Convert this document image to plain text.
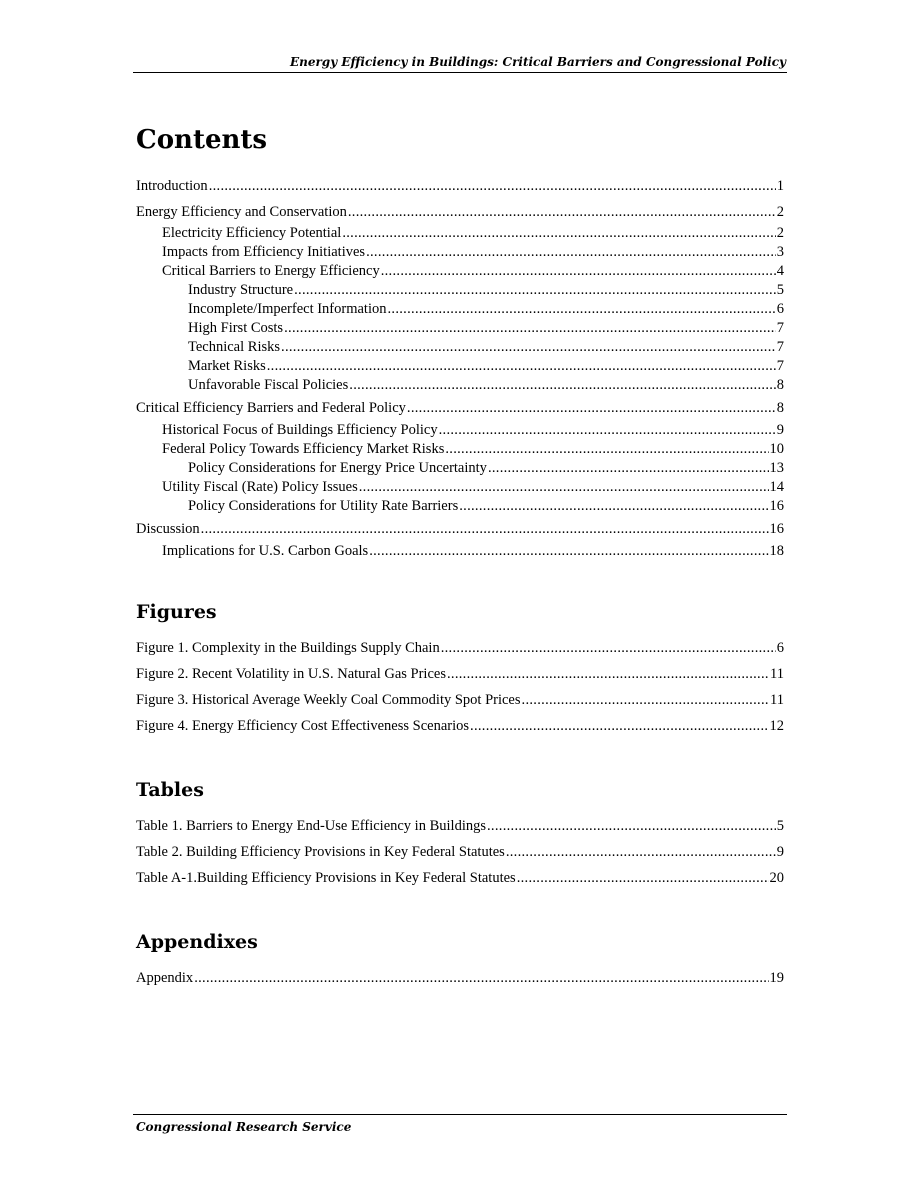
Energy Efficiency in Buildings: Critical Barriers and Congressional Policy
Contents
Introduction .....	1
Energy Efficiency and Conservation .....	2
Electricity Efficiency Potential .....	2
Impacts from Efficiency Initiatives .....	3
Critical Barriers to Energy Efficiency .....	4
Industry Structure .....	5
Incomplete/Imperfect Information .....	6
High First Costs .....	7
Technical Risks .....	7
Market Risks .....	7
Unfavorable Fiscal Policies .....	8
Critical Efficiency Barriers and Federal Policy .....	8
Historical Focus of Buildings Efficiency Policy .....	9
Federal Policy Towards Efficiency Market Risks .....	10
Policy Considerations for Energy Price Uncertainty .....	13
Utility Fiscal (Rate) Policy Issues .....	14
Policy Considerations for Utility Rate Barriers .....	16
Discussion .....	16
Implications for U.S. Carbon Goals .....	18
Figures
Figure 1. Complexity in the Buildings Supply Chain .....	6
Figure 2. Recent Volatility in U.S. Natural Gas Prices .....	11
Figure 3. Historical Average Weekly Coal Commodity Spot Prices .....	11
Figure 4. Energy Efficiency Cost Effectiveness Scenarios .....	12
Tables
Table 1. Barriers to Energy End-Use Efficiency in Buildings .....	5
Table 2. Building Efficiency Provisions in Key Federal Statutes .....	9
Table A-1.Building Efficiency Provisions in Key Federal Statutes .....	20
Appendixes
Appendix .....	19
Congressional Research Service
